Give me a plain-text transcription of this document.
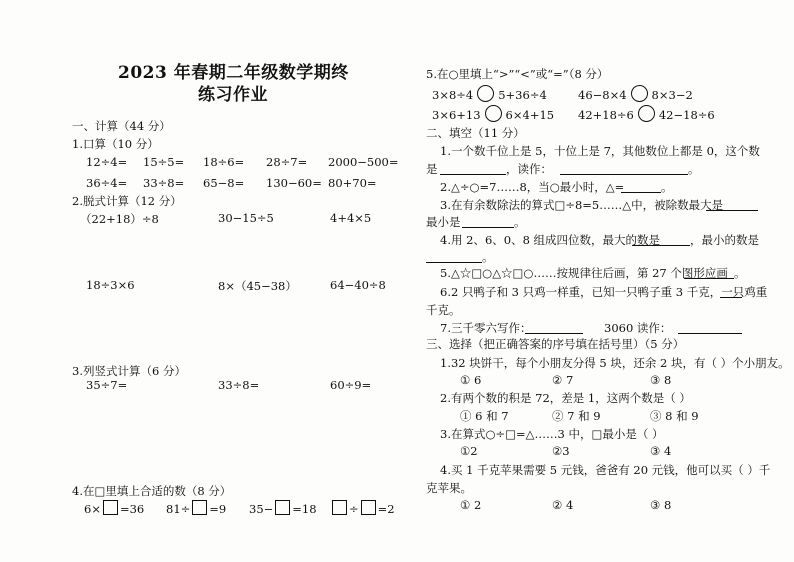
2023 年春期二年级数学期终
练习作业
一、计算（44 分）
1.口算（10 分）
12÷4= 15÷5= 18÷6= 28÷7= 2000−500=
36÷4= 33÷8= 65−8= 130−60= 80+70=
2.脱式计算（12 分）
（22+18）÷8	30−15÷5	4+4×5
18÷3×6	8×（45−38）	64−40÷8
3.列竖式计算（6 分）
35÷7=	33÷8=	60÷9=
4.在□里填上合适的数（8 分）
6× =36 81÷ =9 35− =18	÷ =2
5.在○里填上“>”“<”或“=”（8 分）
3×8÷4 5+36÷4	46−8×4 8×3−2
3×6+13 6×4+15 42+18÷6 42−18÷6
二、填空（11 分）
1.一个数千位上是 5，十位上是 7，其他数位上都是 0，这个数
是	，读作：	。
2.△÷○=7……8，当○最小时，△=	。
3.在有余数除法的算式□÷8=5……△中，被除数最大是
最小是	。
4.用 2、6、0、8 组成四位数，最大的数是	，最小的数是
。
5.△☆□○△☆□○……按规律往后画，第 27 个图形应画 。
6.2 只鸭子和 3 只鸡一样重，已知一只鸭子重 3 千克，一只鸡重
千克。
7.三千零六写作：	3060 读作：
三、选择（把正确答案的序号填在括号里）（5 分）
1.32 块饼干，每个小朋友分得 5 块，还余 2 块，有（ ）个小朋友。
① 6	② 7	③ 8
2.有两个数的积是 72，差是 1，这两个数是（ ）
① 6 和 7	② 7 和 9	③ 8 和 9
3.在算式○÷□=△……3 中，□最小是（ ）
①2	②3	③ 4
4.买 1 千克苹果需要 5 元钱，爸爸有 20 元钱，他可以买（ ）千
克苹果。
① 2	② 4	③ 8
